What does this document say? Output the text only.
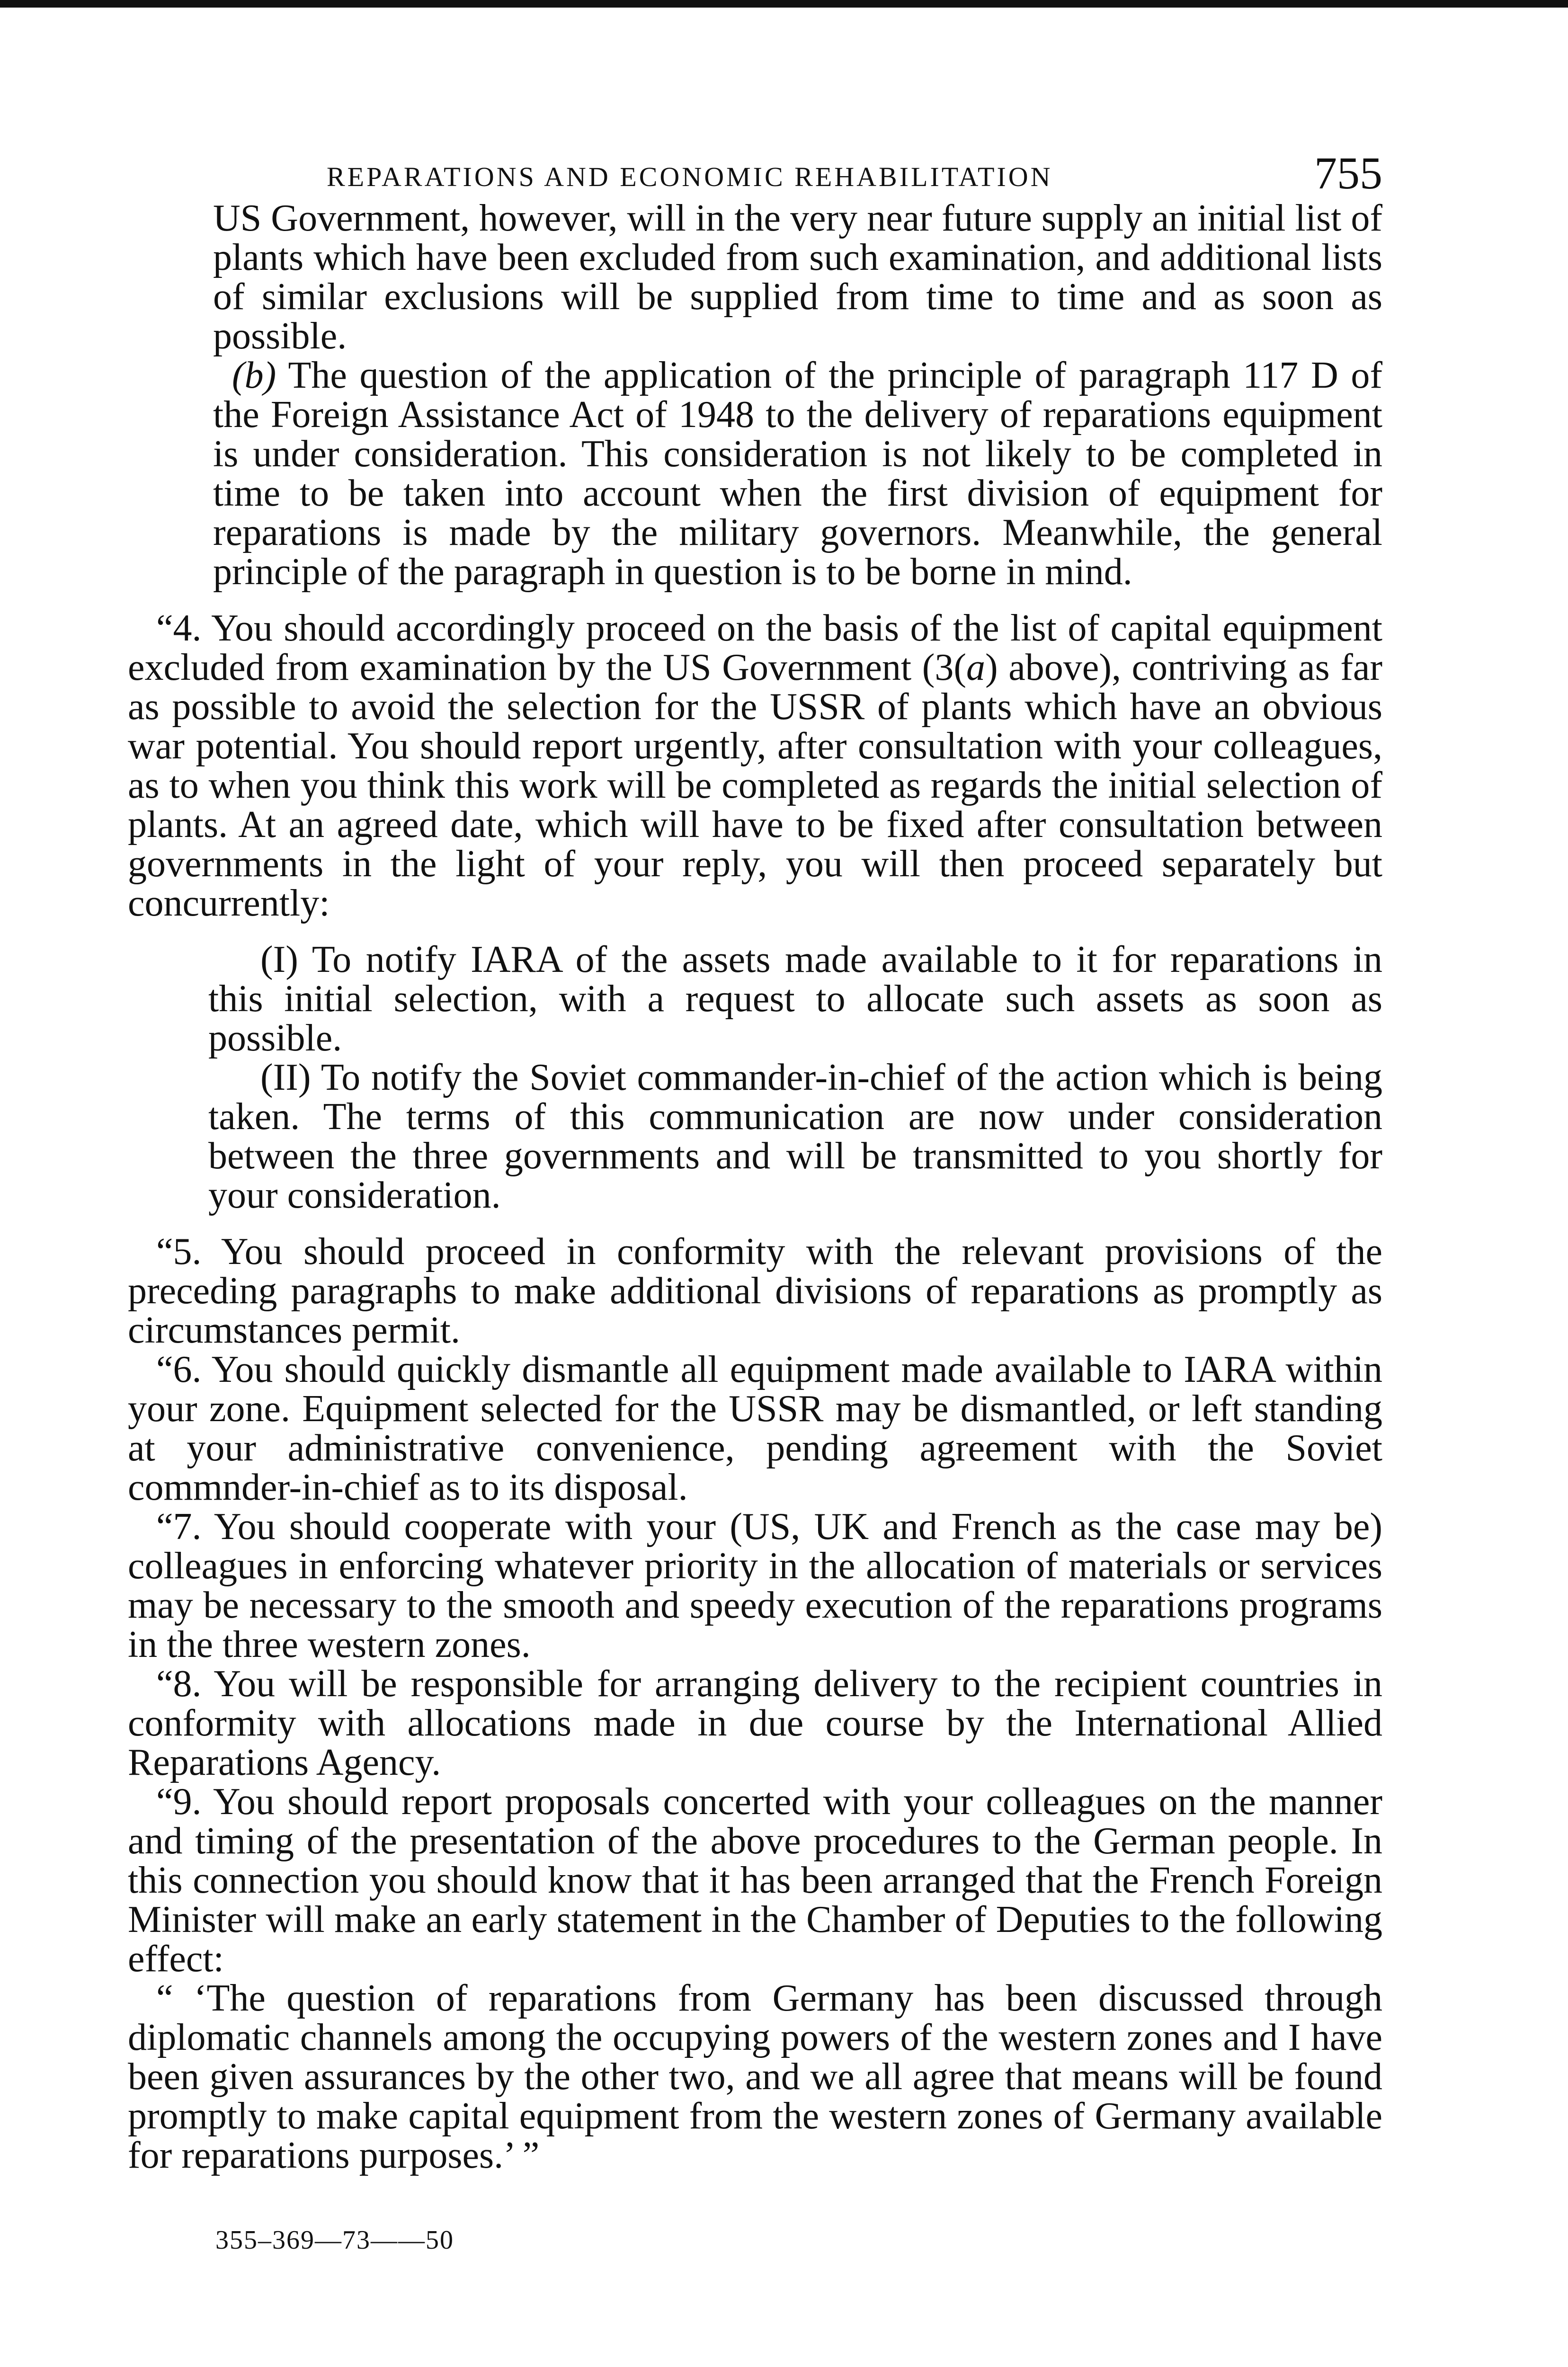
REPARATIONS AND ECONOMIC REHABILITATION	755

US Government, however, will in the very near future supply an initial list of plants which have been excluded from such examination, and additional lists of similar exclusions will be supplied from time to time and as soon as possible.

(b) The question of the application of the principle of paragraph 117 D of the Foreign Assistance Act of 1948 to the delivery of reparations equipment is under consideration. This consideration is not likely to be completed in time to be taken into account when the first division of equipment for reparations is made by the military governors. Meanwhile, the general principle of the paragraph in question is to be borne in mind.

“4. You should accordingly proceed on the basis of the list of capital equipment excluded from examination by the US Government (3(a) above), contriving as far as possible to avoid the selection for the USSR of plants which have an obvious war potential. You should report urgently, after consultation with your colleagues, as to when you think this work will be completed as regards the initial selection of plants. At an agreed date, which will have to be fixed after consultation between governments in the light of your reply, you will then proceed separately but concurrently:

(I) To notify IARA of the assets made available to it for reparations in this initial selection, with a request to allocate such assets as soon as possible.

(II) To notify the Soviet commander-in-chief of the action which is being taken. The terms of this communication are now under consideration between the three governments and will be transmitted to you shortly for your consideration.

“5. You should proceed in conformity with the relevant provisions of the preceding paragraphs to make additional divisions of reparations as promptly as circumstances permit.

“6. You should quickly dismantle all equipment made available to IARA within your zone. Equipment selected for the USSR may be dismantled, or left standing at your administrative convenience, pending agreement with the Soviet commnder-in-chief as to its disposal.

“7. You should cooperate with your (US, UK and French as the case may be) colleagues in enforcing whatever priority in the allocation of materials or services may be necessary to the smooth and speedy execution of the reparations programs in the three western zones.

“8. You will be responsible for arranging delivery to the recipient countries in conformity with allocations made in due course by the International Allied Reparations Agency.

“9. You should report proposals concerted with your colleagues on the manner and timing of the presentation of the above procedures to the German people. In this connection you should know that it has been arranged that the French Foreign Minister will make an early statement in the Chamber of Deputies to the following effect:

“ ‘The question of reparations from Germany has been discussed through diplomatic channels among the occupying powers of the western zones and I have been given assurances by the other two, and we all agree that means will be found promptly to make capital equipment from the western zones of Germany available for reparations purposes.’ ”

355–369—73——50
